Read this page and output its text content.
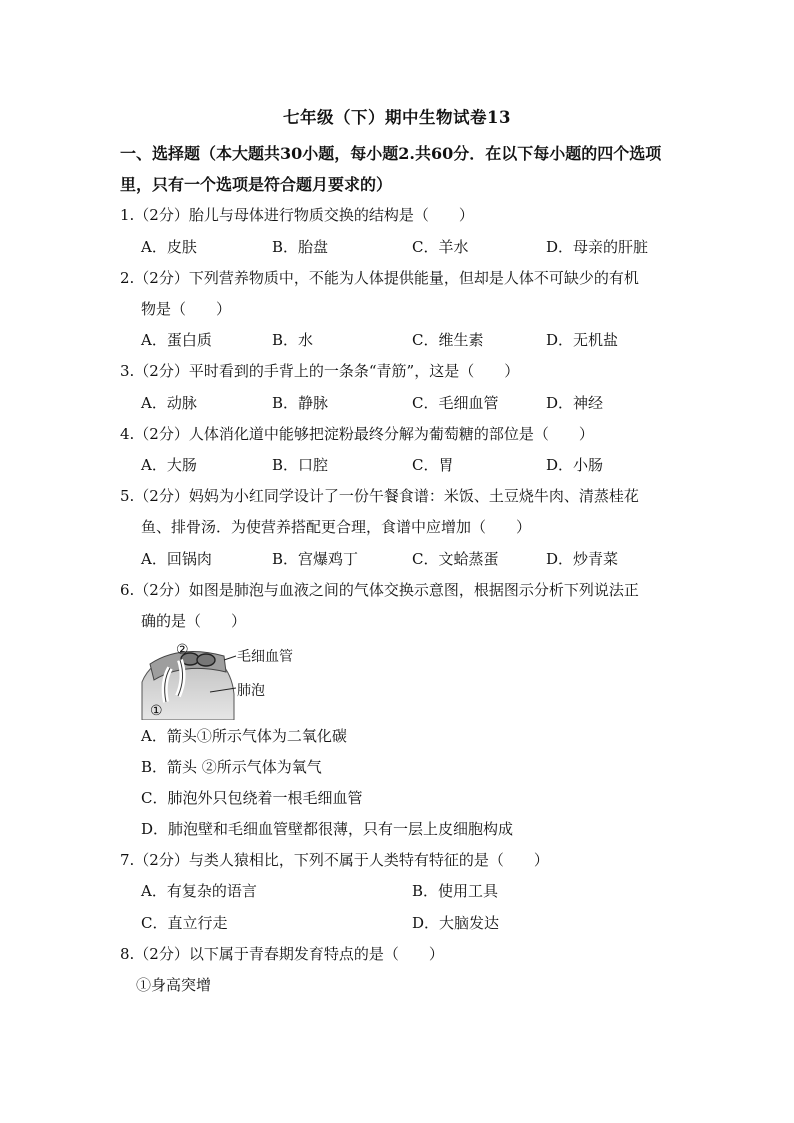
七年级（下）期中生物试卷13
一、选择题（本大题共30小题，每小题2.共60分．在以下每小题的四个选项
里，只有一个选项是符合题月要求的）
1.（2分）胎儿与母体进行物质交换的结构是（　　）
A．皮肤	B．胎盘	C．羊水	D．母亲的肝脏
2.（2分）下列营养物质中，不能为人体提供能量，但却是人体不可缺少的有机
物是（　　）
A．蛋白质	B．水	C．维生素	D．无机盐
3.（2分）平时看到的手背上的一条条“青筋”，这是（　　）
A．动脉	B．静脉	C．毛细血管	D．神经
4.（2分）人体消化道中能够把淀粉最终分解为葡萄糖的部位是（　　）
A．大肠	B．口腔	C．胃	D．小肠
5.（2分）妈妈为小红同学设计了一份午餐食谱：米饭、土豆烧牛肉、清蒸桂花
鱼、排骨汤．为使营养搭配更合理，食谱中应增加（　　）
A．回锅肉	B．宫爆鸡丁	C．文蛤蒸蛋	D．炒青菜
6.（2分）如图是肺泡与血液之间的气体交换示意图，根据图示分析下列说法正
确的是（　　）
②
①
毛细血管
肺泡
A．箭头①所示气体为二氧化碳
B．箭头 ②所示气体为氧气
C．肺泡外只包绕着一根毛细血管
D．肺泡壁和毛细血管壁都很薄，只有一层上皮细胞构成
7.（2分）与类人猿相比，下列不属于人类特有特征的是（　　）
A．有复杂的语言	B．使用工具
C．直立行走	D．大脑发达
8.（2分）以下属于青春期发育特点的是（　　）
①身高突增
